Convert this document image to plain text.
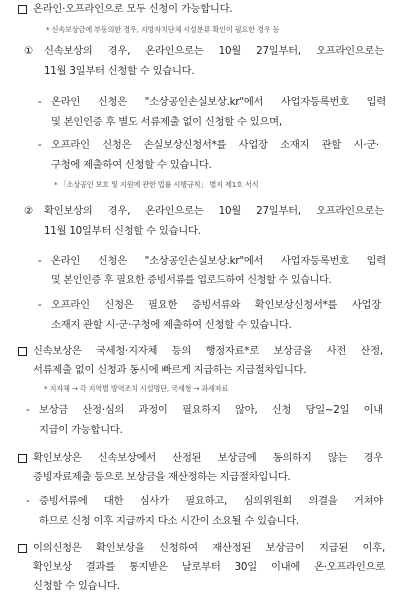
온라인·오프라인으로 모두 신청이 가능합니다.
* 신속보상금에 부동의한 경우, 지방자치단체 시설분류 확인이 필요한 경우 등
① 신속보상의 경우, 온라인으로는 10월 27일부터, 오프라인으로는
11월 3일부터 신청할 수 있습니다.
- 온라인 신청은 "소상공인손실보상.kr"에서 사업자등록번호 입력
및 본인인증 후 별도 서류제출 없이 신청할 수 있으며,
- 오프라인 신청은 손실보상신청서*를 사업장 소재지 관할 시·군·
구청에 제출하여 신청할 수 있습니다.
* 「소상공인 보호 및 지원에 관한 법률 시행규칙」 별지 제1호 서식
② 확인보상의 경우, 온라인으로는 10월 27일부터, 오프라인으로는
11월 10일부터 신청할 수 있습니다.
- 온라인 신청은 "소상공인손실보상.kr"에서 사업자등록번호 입력
및 본인인증 후 필요한 증빙서류를 업로드하여 신청할 수 있습니다.
- 오프라인 신청은 필요한 증빙서류와 확인보상신청서*를 사업장
소재지 관할 시·군·구청에 제출하여 신청할 수 있습니다.
신속보상은 국세청·지자체 등의 행정자료*로 보상금을 사전 산정,
서류제출 없이 신청과 동시에 빠르게 지급하는 지급절차입니다.
* 지자체 → 각 지역별 방역조치 시설명단, 국세청 → 과세자료
- 보상금 산정·심의 과정이 필요하지 않아, 신청 당일~2일 이내
지급이 가능합니다.
확인보상은 신속보상에서 산정된 보상금에 동의하지 않는 경우
증빙자료제출 등으로 보상금을 재산정하는 지급절차입니다.
- 증빙서류에 대한 심사가 필요하고, 심의위원회 의결을 거쳐야
하므로 신청 이후 지급까지 다소 시간이 소요될 수 있습니다.
이의신청은 확인보상을 신청하여 재산정된 보상금이 지급된 이후,
확인보상 결과를 통지받은 날로부터 30일 이내에 온·오프라인으로
신청할 수 있습니다.
